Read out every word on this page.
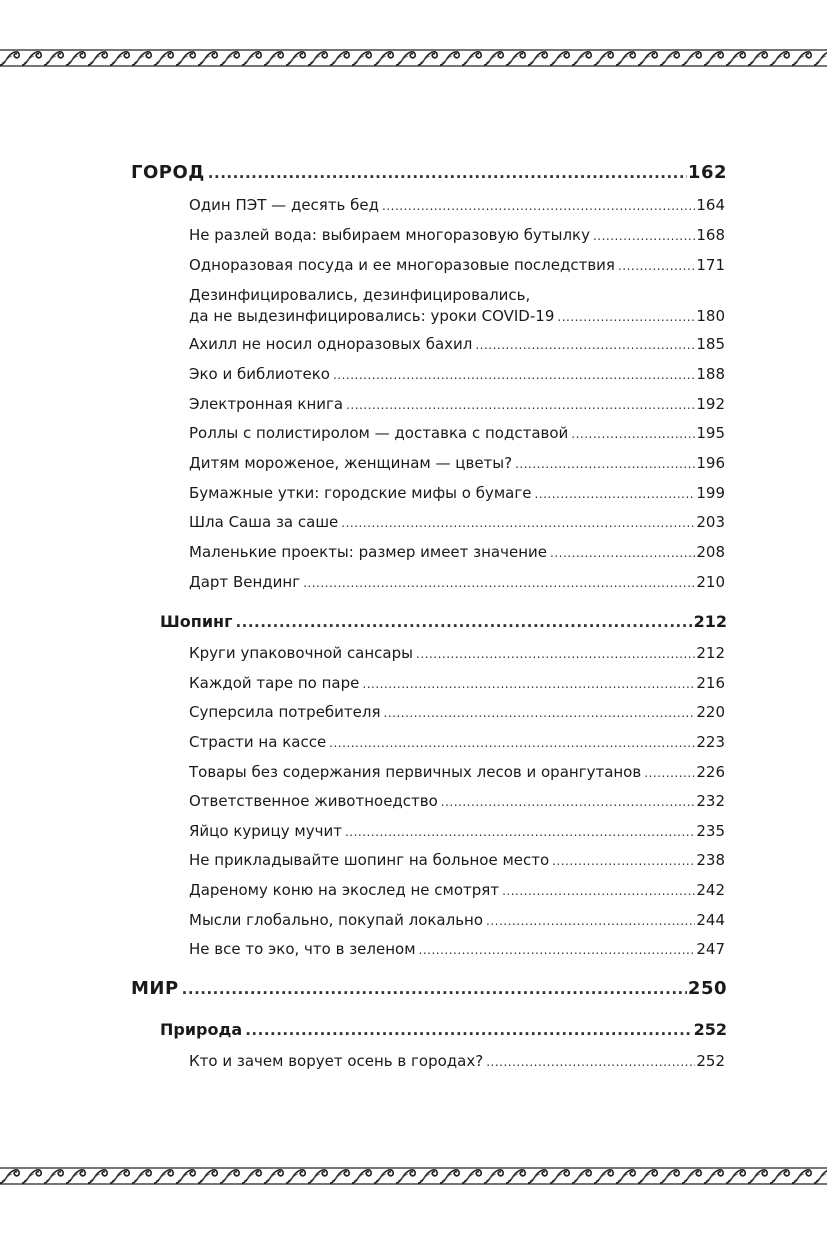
ГОРОД .....	162
Один ПЭТ — десять бед .....	164
Не разлей вода: выбираем многоразовую бутылку .....	168
Одноразовая посуда и ее многоразовые последствия .....	171
Дезинфицировались, дезинфицировались,
да не выдезинфицировались: уроки COVID-19 .....	180
Ахилл не носил одноразовых бахил .....	185
Эко и библиотеко .....	188
Электронная книга .....	192
Роллы с полистиролом — доставка с подставой .....	195
Дитям мороженое, женщинам — цветы? .....	196
Бумажные утки: городские мифы о бумаге .....	199
Шла Саша за саше .....	203
Маленькие проекты: размер имеет значение .....	208
Дарт Вендинг .....	210
Шопинг .....	212
Круги упаковочной сансары .....	212
Каждой таре по паре .....	216
Суперсила потребителя .....	220
Страсти на кассе .....	223
Товары без содержания первичных лесов и орангутанов .....	226
Ответственное животноедство .....	232
Яйцо курицу мучит .....	235
Не прикладывайте шопинг на больное место .....	238
Дареному коню на экослед не смотрят .....	242
Мысли глобально, покупай локально .....	244
Не все то эко, что в зеленом .....	247
МИР .....	250
Природа .....	252
Кто и зачем ворует осень в городах? .....	252
